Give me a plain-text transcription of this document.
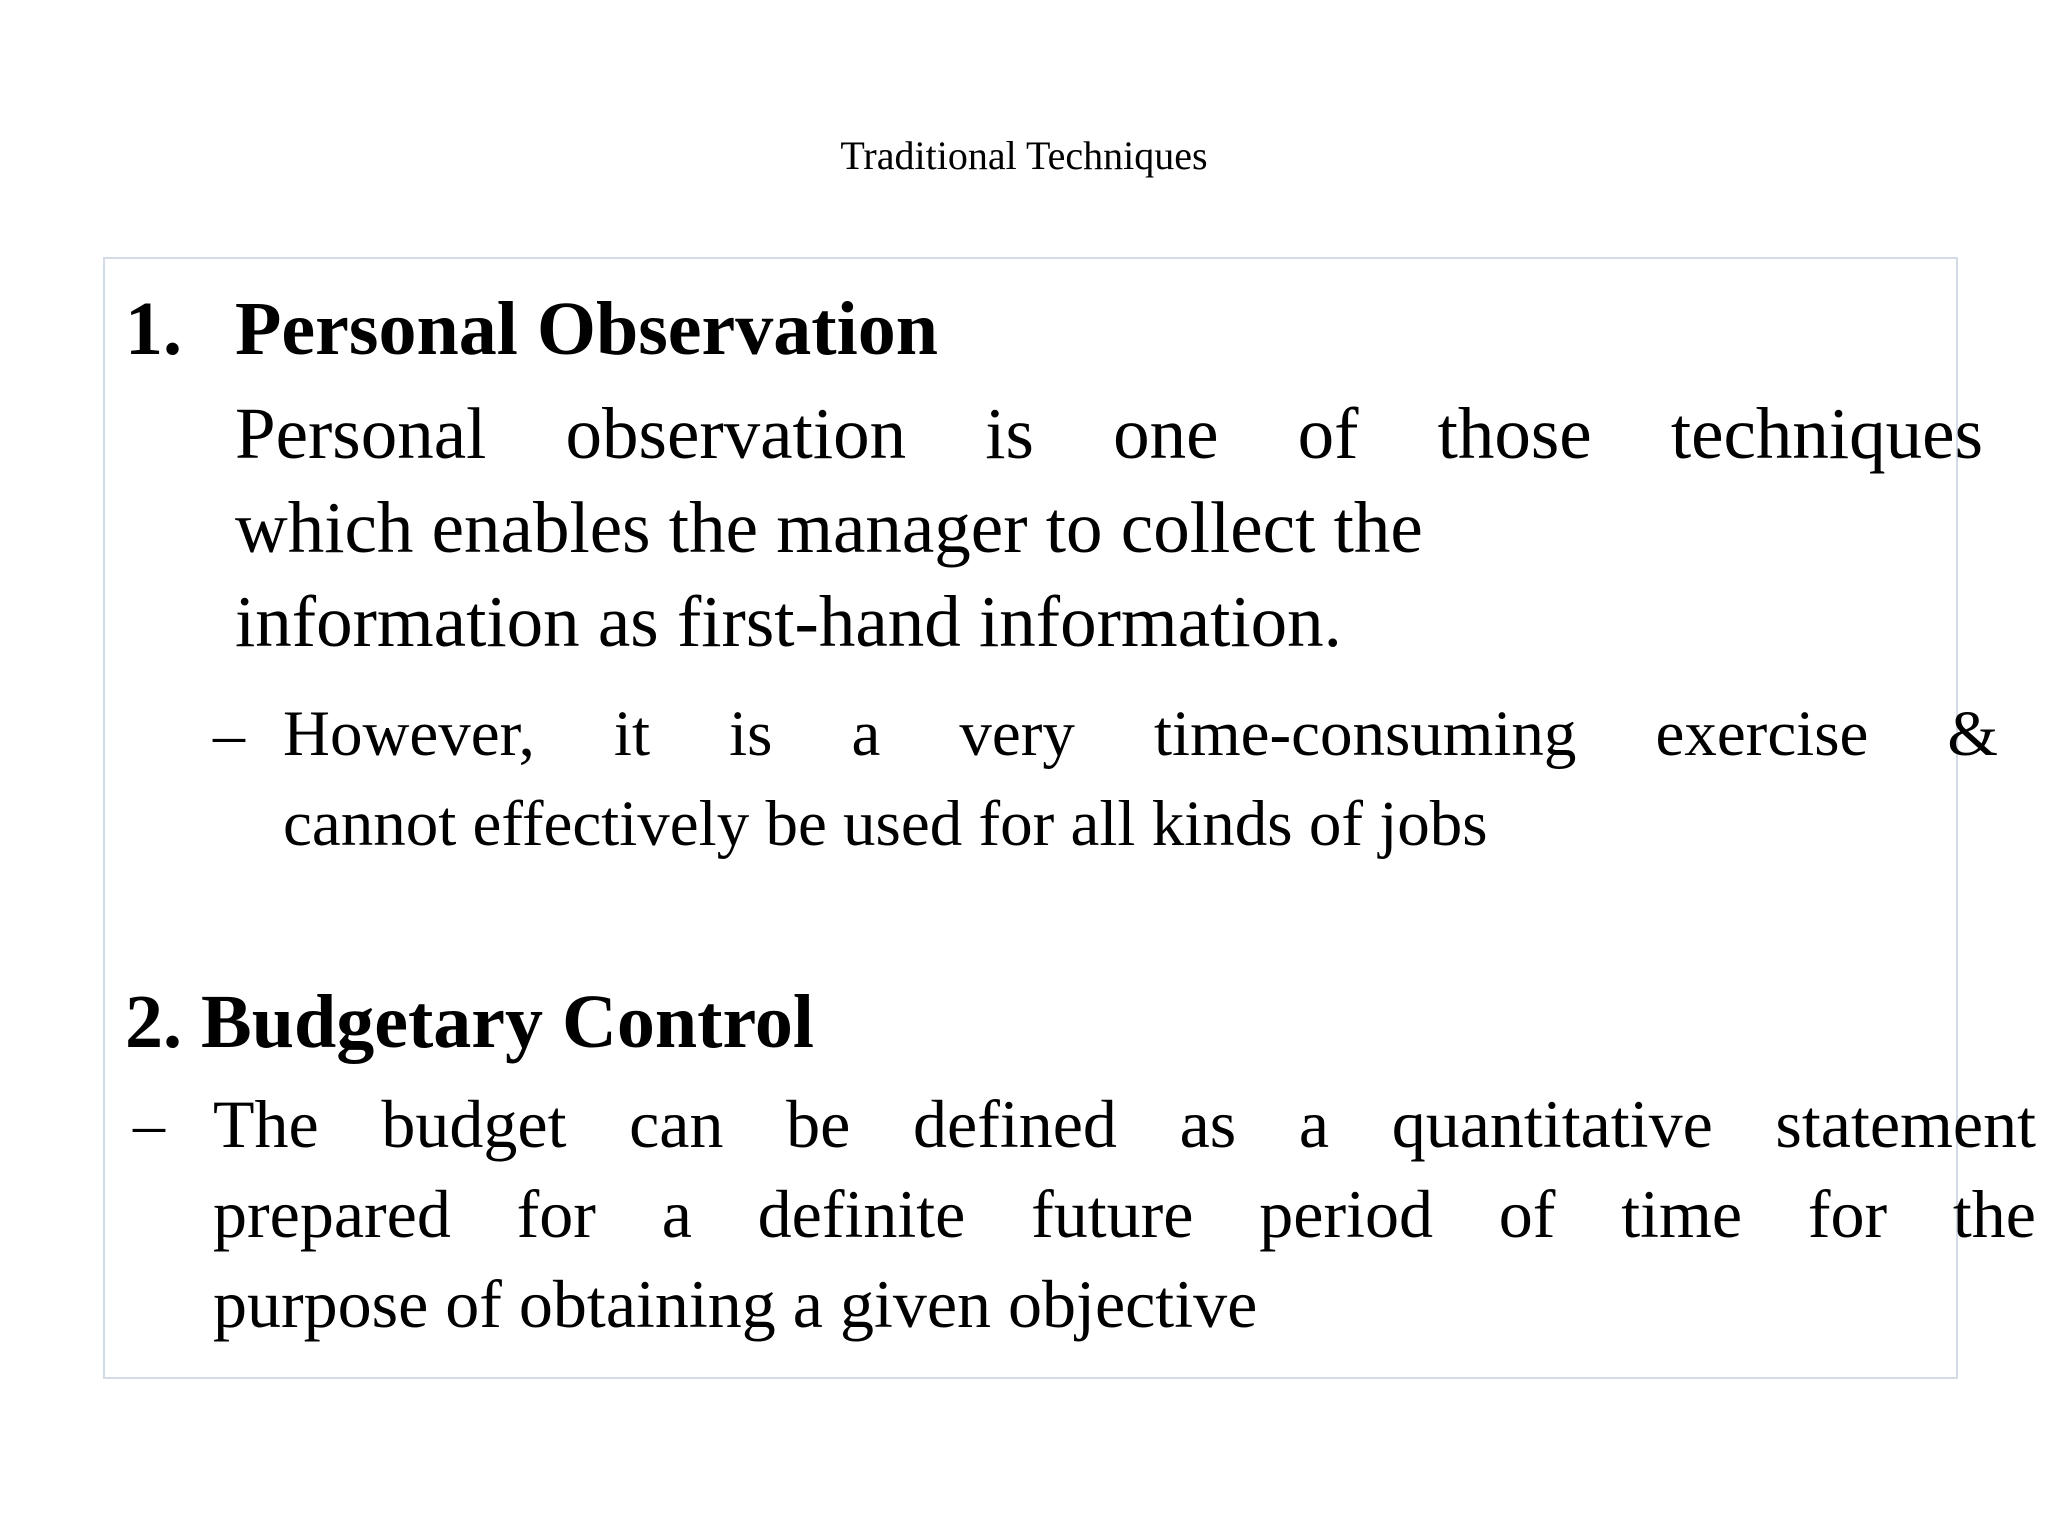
Traditional Techniques
1. Personal Observation
Personal observation is one of those techniques
which enables the manager to collect the
information as first-hand information.
– However, it is a very time-consuming exercise &
cannot effectively be used for all kinds of jobs
2. Budgetary Control
– The budget can be defined as a quantitative statement
prepared for a definite future period of time for the
purpose of obtaining a given objective
